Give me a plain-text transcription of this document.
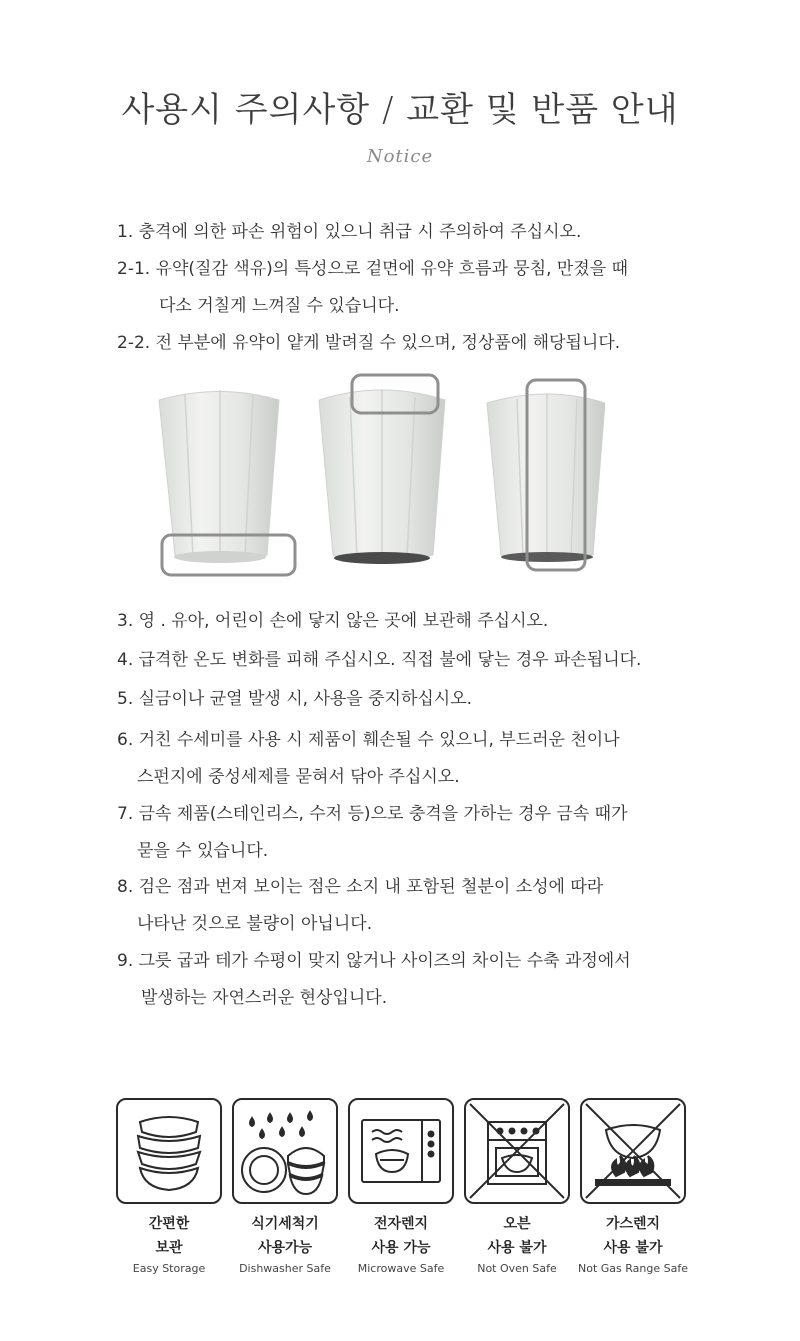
사용시 주의사항 / 교환 및 반품 안내
Notice
1. 충격에 의한 파손 위험이 있으니 취급 시 주의하여 주십시오.
2-1. 유약(질감 색유)의 특성으로 겉면에 유약 흐름과 뭉침, 만졌을 때
다소 거칠게 느껴질 수 있습니다.
2-2. 전 부분에 유약이 얕게 발려질 수 있으며, 정상품에 해당됩니다.
3. 영 . 유아, 어린이 손에 닿지 않은 곳에 보관해 주십시오.
4. 급격한 온도 변화를 피해 주십시오. 직접 불에 닿는 경우 파손됩니다.
5. 실금이나 균열 발생 시, 사용을 중지하십시오.
6. 거친 수세미를 사용 시 제품이 훼손될 수 있으니, 부드러운 천이나
스펀지에 중성세제를 묻혀서 닦아 주십시오.
7. 금속 제품(스테인리스, 수저 등)으로 충격을 가하는 경우 금속 때가
묻을 수 있습니다.
8. 검은 점과 번져 보이는 점은 소지 내 포함된 철분이 소성에 따라
나타난 것으로 불량이 아닙니다.
9. 그릇 굽과 테가 수평이 맞지 않거나 사이즈의 차이는 수축 과정에서
발생하는 자연스러운 현상입니다.
간편한
보관
식기세척기
사용가능
전자렌지
사용 가능
오븐
사용 불가
가스렌지
사용 불가
Easy Storage	Dishwasher Safe	Microwave Safe	Not Oven Safe	Not Gas Range Safe
